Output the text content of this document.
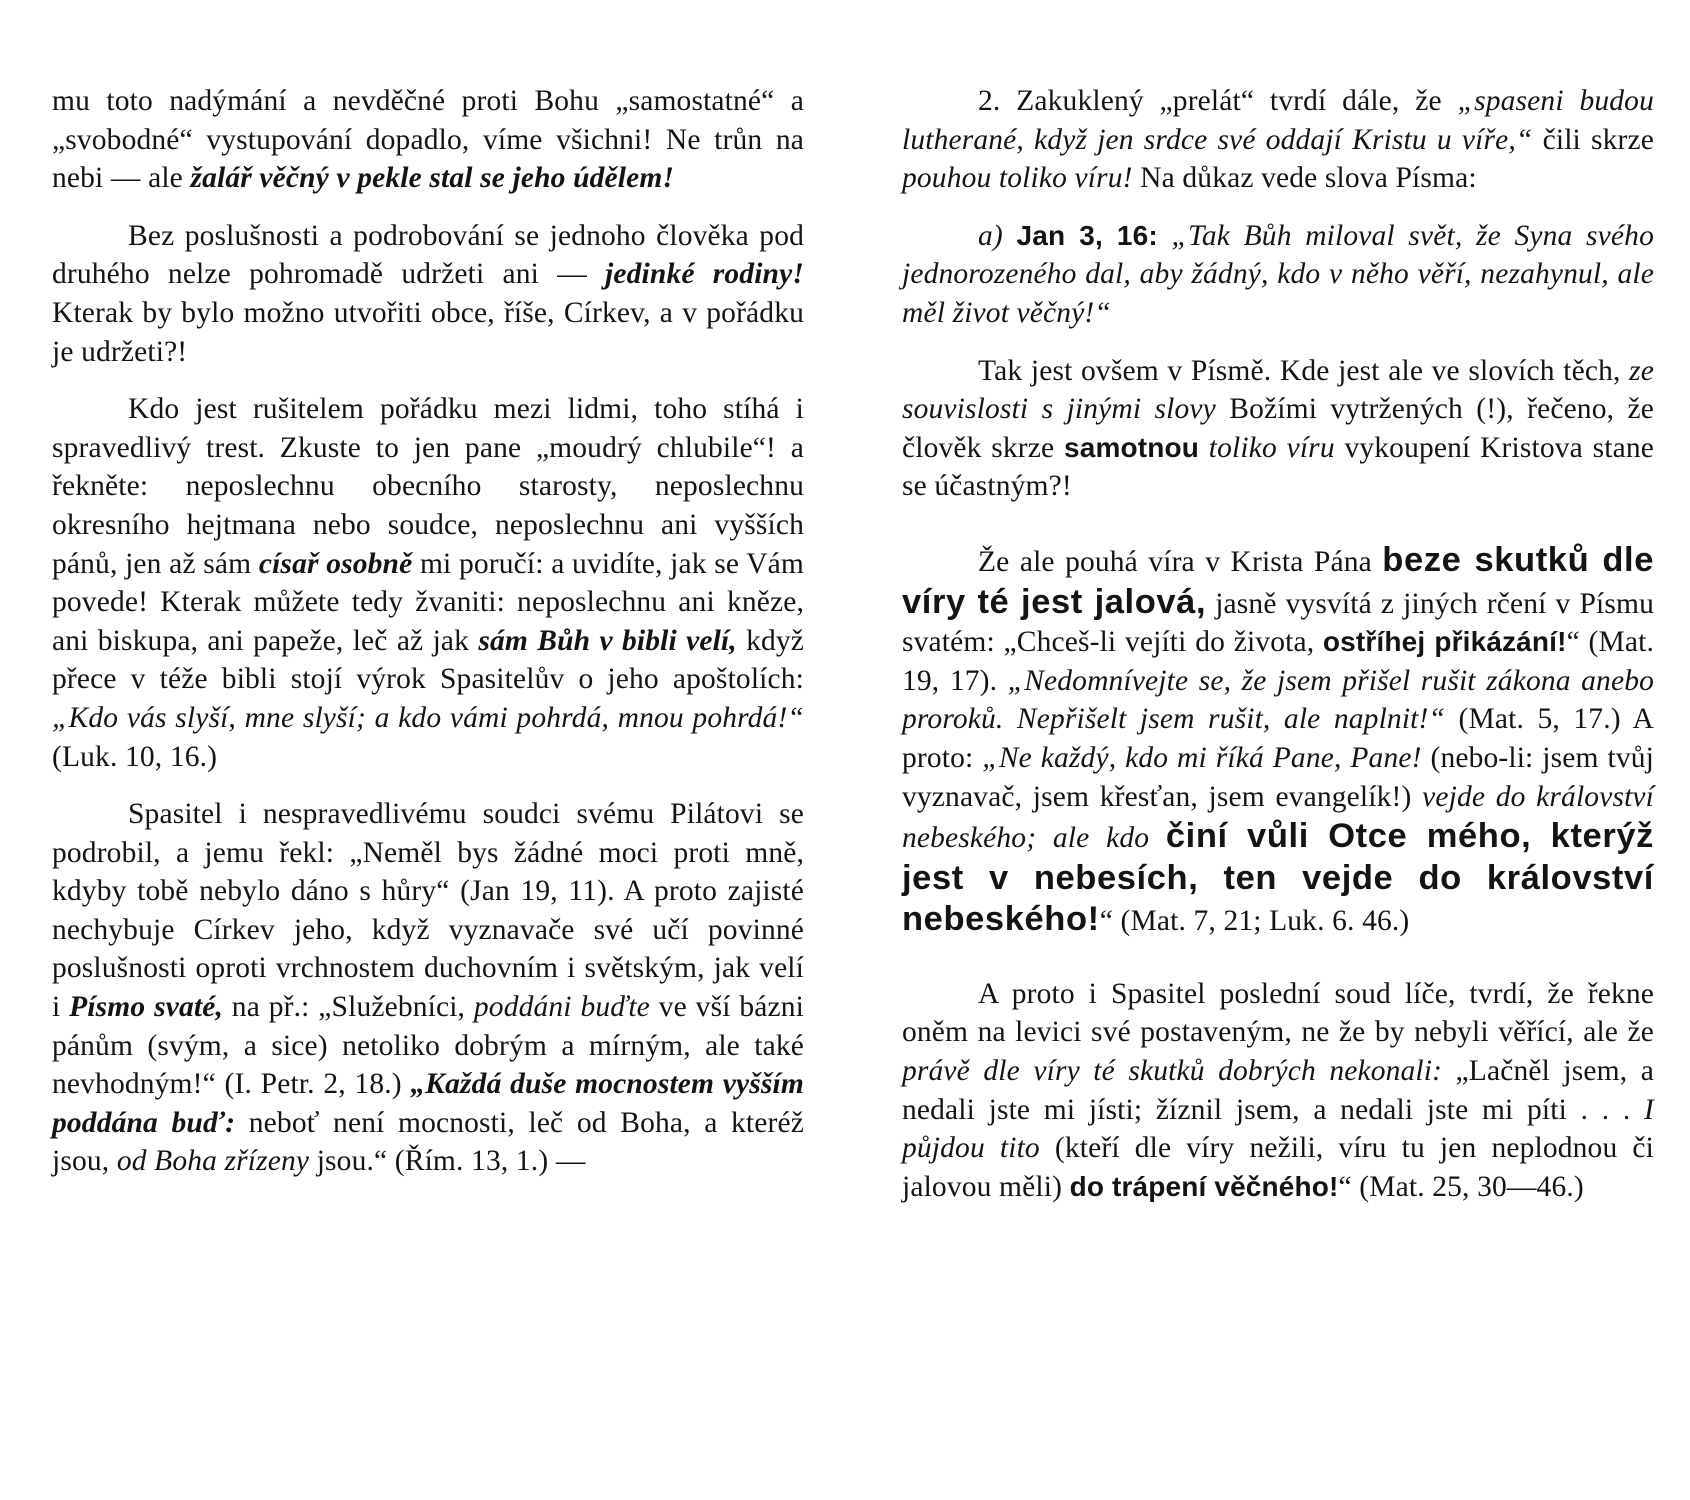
mu toto nadýmání a nevděčné proti Bohu „samostatné“ a „svobodné“ vystupování dopadlo, víme všichni! Ne trůn na nebi — ale žalář věčný v pekle stal se jeho údělem!

Bez poslušnosti a podrobování se jednoho člověka pod druhého nelze pohromadě udržeti ani — jedinké rodiny! Kterak by bylo možno utvořiti obce, říše, Církev, a v pořádku je udržeti?!

Kdo jest rušitelem pořádku mezi lidmi, toho stíhá i spravedlivý trest. Zkuste to jen pane „moudrý chlubile“! a řekněte: neposlechnu obecního starosty, neposlechnu okresního hejtmana nebo soudce, neposlechnu ani vyšších pánů, jen až sám císař osobně mi poručí: a uvidíte, jak se Vám povede! Kterak můžete tedy žvaniti: neposlechnu ani kněze, ani biskupa, ani papeže, leč až jak sám Bůh v bibli velí, když přece v téže bibli stojí výrok Spasitelův o jeho apoštolích: „Kdo vás slyší, mne slyší; a kdo vámi pohrdá, mnou pohrdá!“ (Luk. 10, 16.)

Spasitel i nespravedlivému soudci svému Pilátovi se podrobil, a jemu řekl: „Neměl bys žádné moci proti mně, kdyby tobě nebylo dáno s hůry“ (Jan 19, 11). A proto zajisté nechybuje Církev jeho, když vyznavače své učí povinné poslušnosti oproti vrchnostem duchovním i světským, jak velí i Písmo svaté, na př.: „Služebníci, poddáni buďte ve vší bázni pánům (svým, a sice) netoliko dobrým a mírným, ale také nevhodným!“ (I. Petr. 2, 18.) „Každá duše mocnostem vyšším poddána buď: neboť není mocnosti, leč od Boha, a kteréž jsou, od Boha zřízeny jsou.“ (Řím. 13, 1.) —

2. Zakuklený „prelát“ tvrdí dále, že „spaseni budou lutherané, když jen srdce své oddají Kristu u víře,“ čili skrze pouhou toliko víru! Na důkaz vede slova Písma:

a) Jan 3, 16: „Tak Bůh miloval svět, že Syna svého jednorozeného dal, aby žádný, kdo v něho věří, nezahynul, ale měl život věčný!“

Tak jest ovšem v Písmě. Kde jest ale ve slovích těch, ze souvislosti s jinými slovy Božími vytržených (!), řečeno, že člověk skrze samotnou toliko víru vykoupení Kristova stane se účastným?!

Že ale pouhá víra v Krista Pána beze skutků dle víry té jest jalová, jasně vysvítá z jiných rčení v Písmu svatém: „Chceš-li vejíti do života, ostříhej přikázání!“ (Mat. 19, 17). „Nedomnívejte se, že jsem přišel rušit zákona anebo proroků. Nepřišelt jsem rušit, ale naplnit!“ (Mat. 5, 17.) A proto: „Ne každý, kdo mi říká Pane, Pane! (nebo-li: jsem tvůj vyznavač, jsem křesťan, jsem evangelík!) vejde do království nebeského; ale kdo činí vůli Otce mého, kterýž jest v nebesích, ten vejde do království nebeského!“ (Mat. 7, 21; Luk. 6. 46.)

A proto i Spasitel poslední soud líče, tvrdí, že řekne oněm na levici své postaveným, ne že by nebyli věřící, ale že právě dle víry té skutků dobrých nekonali: „Lačněl jsem, a nedali jste mi jísti; žíznil jsem, a nedali jste mi píti . . . I půjdou tito (kteří dle víry nežili, víru tu jen neplodnou či jalovou měli) do trápení věčného!“ (Mat. 25, 30—46.)
